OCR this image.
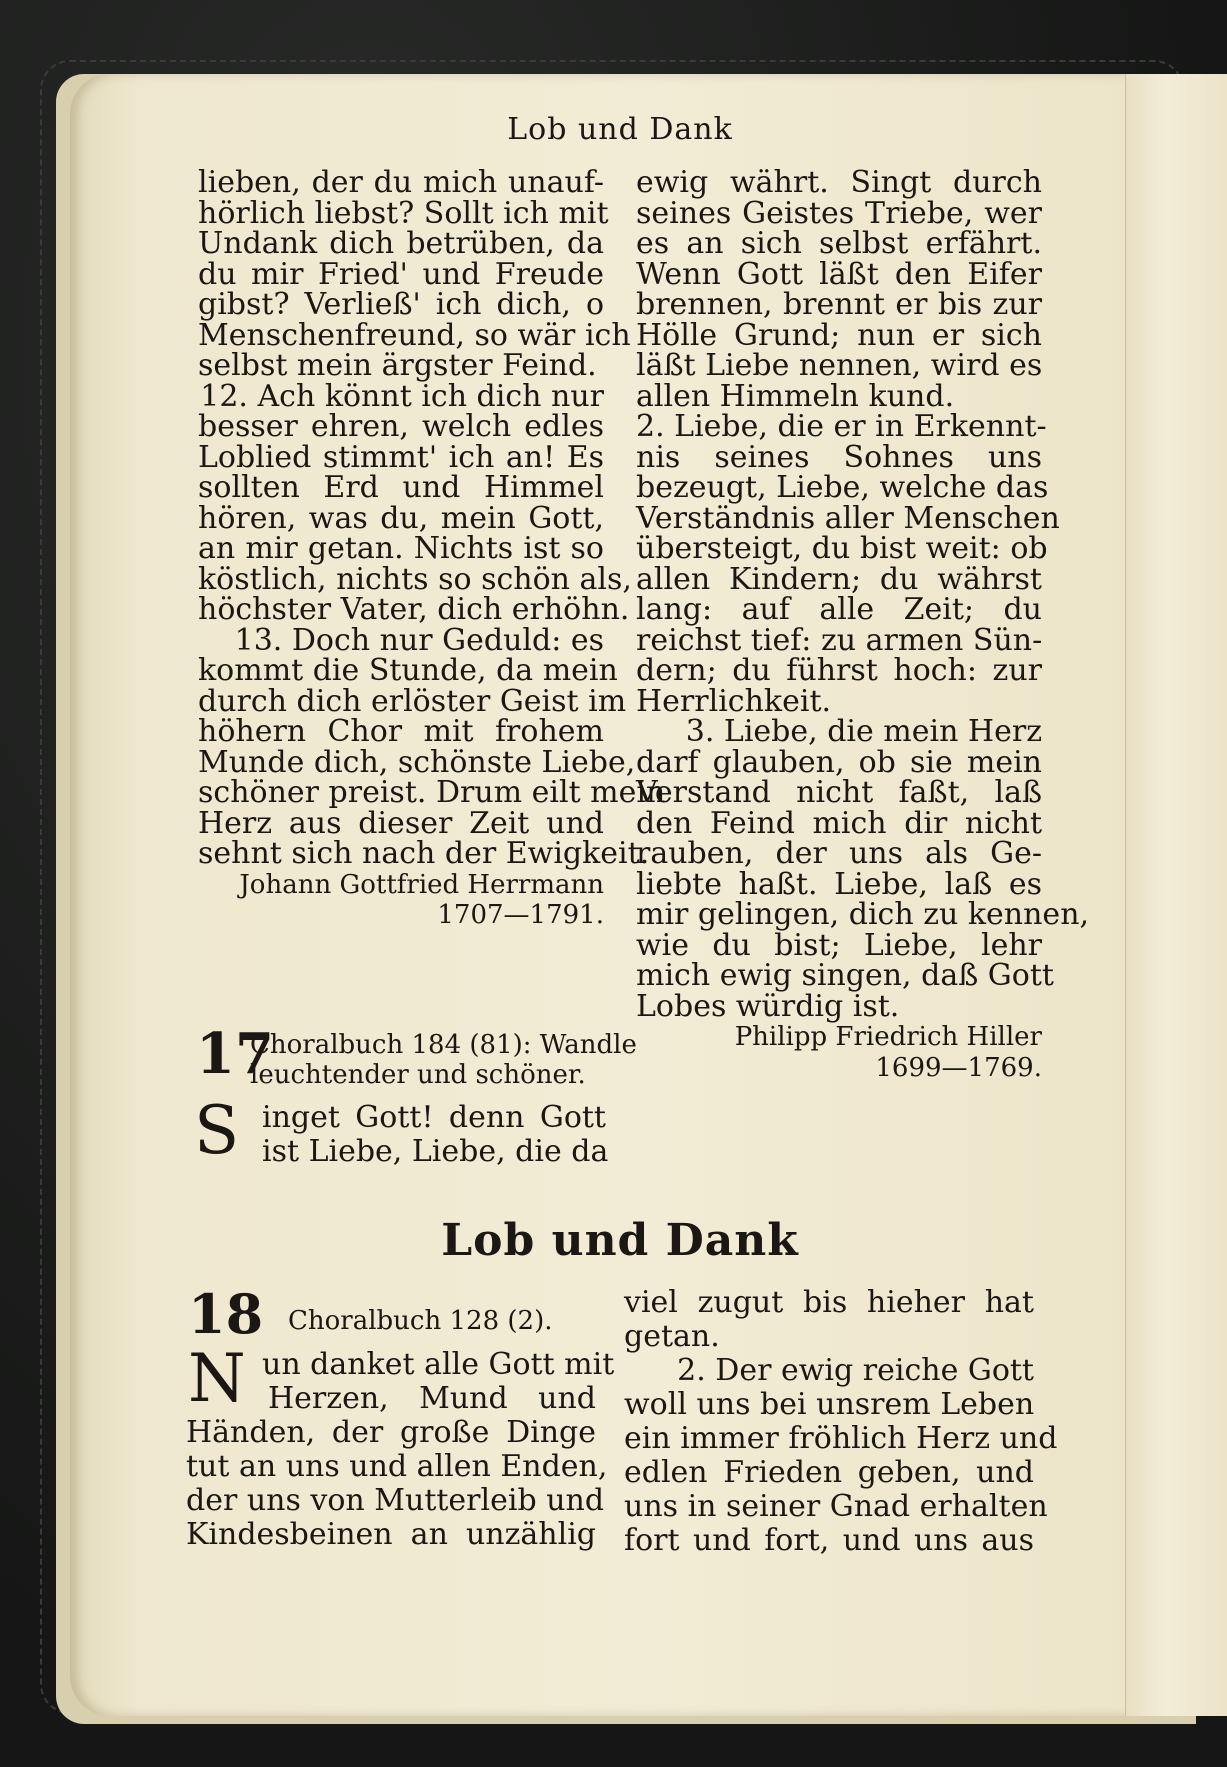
Lob und Dank

lieben, der du mich unauf-

hörlich liebst? Sollt ich mit

Undank dich betrüben, da

du mir Fried' und Freude

gibst? Verließ' ich dich, o

Menschenfreund, so wär ich

selbst mein ärgster Feind.

12. Ach könnt ich dich nur

besser ehren, welch edles

Loblied stimmt' ich an! Es

sollten Erd und Himmel

hören, was du, mein Gott,

an mir getan. Nichts ist so

köstlich, nichts so schön als,

höchster Vater, dich erhöhn.

13. Doch nur Geduld: es

kommt die Stunde, da mein

durch dich erlöster Geist im

höhern Chor mit frohem

Munde dich, schönste Liebe,

schöner preist. Drum eilt mein

Herz aus dieser Zeit und

sehnt sich nach der Ewigkeit.

Johann Gottfried Herrmann

1707—1791.

ewig währt. Singt durch

seines Geistes Triebe, wer

es an sich selbst erfährt.

Wenn Gott läßt den Eifer

brennen, brennt er bis zur

Hölle Grund; nun er sich

läßt Liebe nennen, wird es

allen Himmeln kund.

2. Liebe, die er in Erkennt-

nis seines Sohnes uns

bezeugt, Liebe, welche das

Verständnis aller Menschen

übersteigt, du bist weit: ob

allen Kindern; du währst

lang: auf alle Zeit; du

reichst tief: zu armen Sün-

dern; du führst hoch: zur

Herrlichkeit.

3. Liebe, die mein Herz

darf glauben, ob sie mein

Verstand nicht faßt, laß

den Feind mich dir nicht

rauben, der uns als Ge-

liebte haßt. Liebe, laß es

mir gelingen, dich zu kennen,

wie du bist; Liebe, lehr

mich ewig singen, daß Gott

Lobes würdig ist.

Philipp Friedrich Hiller

1699—1769.

17

Choralbuch 184 (81): Wandle

leuchtender und schöner.

S inget Gott! denn Gott

ist Liebe, Liebe, die da

Lob und Dank
18 Choralbuch 128 (2).
N un danket alle Gott mit

Herzen, Mund und

Händen, der große Dinge

tut an uns und allen Enden,

der uns von Mutterleib und

Kindesbeinen an unzählig

viel zugut bis hieher hat

getan.

2. Der ewig reiche Gott

woll uns bei unsrem Leben

ein immer fröhlich Herz und

edlen Frieden geben, und

uns in seiner Gnad erhalten

fort und fort, und uns aus
